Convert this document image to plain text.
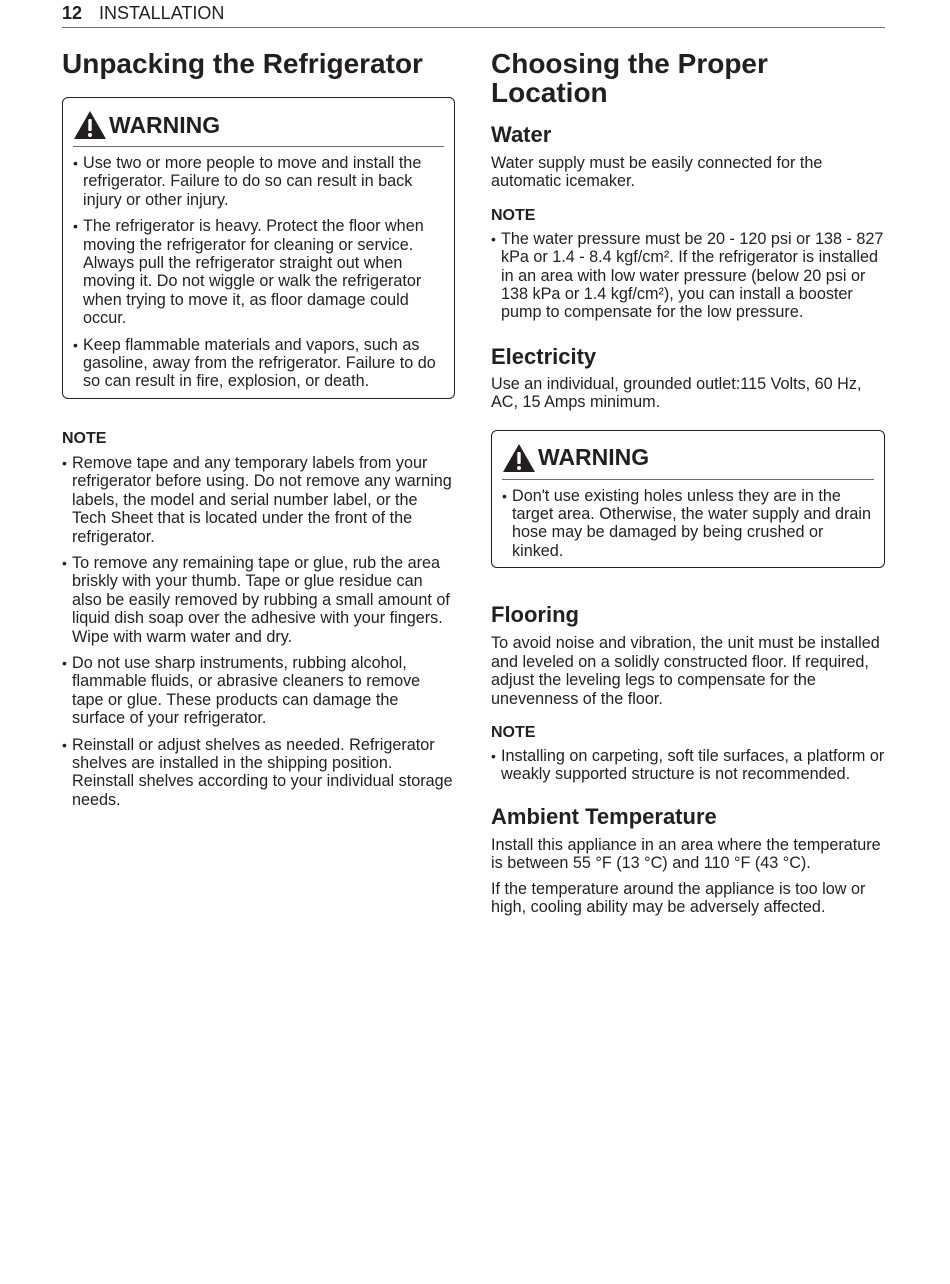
12 INSTALLATION
Unpacking the Refrigerator
WARNING
• Use two or more people to move and install the refrigerator. Failure to do so can result in back injury or other injury.
• The refrigerator is heavy. Protect the floor when moving the refrigerator for cleaning or service. Always pull the refrigerator straight out when moving it. Do not wiggle or walk the refrigerator when trying to move it, as floor damage could occur.
• Keep flammable materials and vapors, such as gasoline, away from the refrigerator. Failure to do so can result in fire, explosion, or death.

NOTE

• Remove tape and any temporary labels from your refrigerator before using. Do not remove any warning labels, the model and serial number label, or the Tech Sheet that is located under the front of the refrigerator.
• To remove any remaining tape or glue, rub the area briskly with your thumb. Tape or glue residue can also be easily removed by rubbing a small amount of liquid dish soap over the adhesive with your fingers. Wipe with warm water and dry.
• Do not use sharp instruments, rubbing alcohol, flammable fluids, or abrasive cleaners to remove tape or glue. These products can damage the surface of your refrigerator.
• Reinstall or adjust shelves as needed. Refrigerator shelves are installed in the shipping position. Reinstall shelves according to your individual storage needs.
Choosing the Proper Location
Water

Water supply must be easily connected for the automatic icemaker.

NOTE

• The water pressure must be 20 - 120 psi or 138 - 827 kPa or 1.4 - 8.4 kgf/cm². If the refrigerator is installed in an area with low water pressure (below 20 psi or 138 kPa or 1.4 kgf/cm²), you can install a booster pump to compensate for the low pressure.
Electricity

Use an individual, grounded outlet:115 Volts, 60 Hz, AC, 15 Amps minimum.

WARNING
• Don't use existing holes unless they are in the target area. Otherwise, the water supply and drain hose may be damaged by being crushed or kinked.
Flooring

To avoid noise and vibration, the unit must be installed and leveled on a solidly constructed floor. If required, adjust the leveling legs to compensate for the unevenness of the floor.

NOTE

• Installing on carpeting, soft tile surfaces, a platform or weakly supported structure is not recommended.
Ambient Temperature

Install this appliance in an area where the temperature is between 55 °F (13 °C) and 110 °F (43 °C).

If the temperature around the appliance is too low or high, cooling ability may be adversely affected.
